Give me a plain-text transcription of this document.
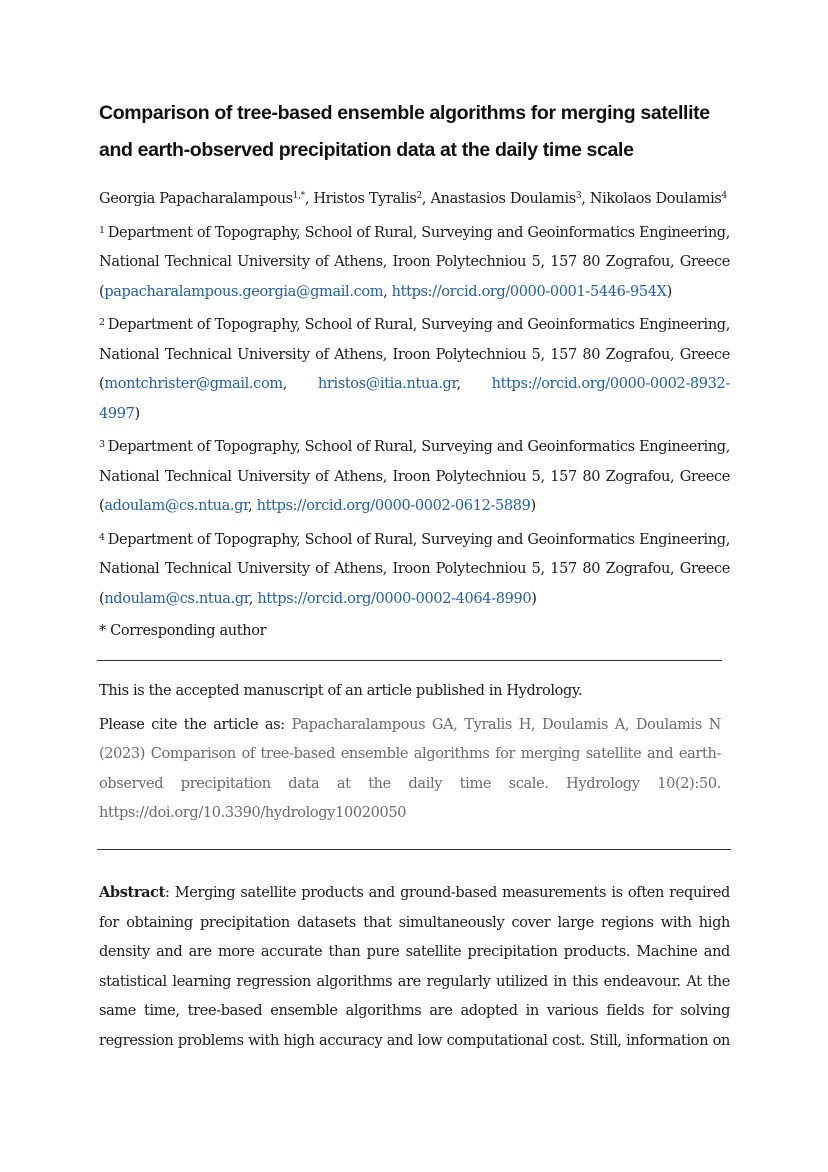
Comparison of tree-based ensemble algorithms for merging satellite
and earth-observed precipitation data at the daily time scale
Georgia Papacharalampous$^{1,*}$, Hristos Tyralis$^2$, Anastasios Doulamis$^3$, Nikolaos Doulamis$^4$
$^1$ Department of Topography, School of Rural, Surveying and Geoinformatics Engineering,
National Technical University of Athens, Iroon Polytechniou 5, 157 80 Zografou, Greece
(papacharalampous.georgia@gmail.com, https://orcid.org/0000-0001-5446-954X)
$^2$ Department of Topography, School of Rural, Surveying and Geoinformatics Engineering,
National Technical University of Athens, Iroon Polytechniou 5, 157 80 Zografou, Greece
(montchrister@gmail.com, hristos@itia.ntua.gr, https://orcid.org/0000-0002-8932-
4997)
$^3$ Department of Topography, School of Rural, Surveying and Geoinformatics Engineering,
National Technical University of Athens, Iroon Polytechniou 5, 157 80 Zografou, Greece
(adoulam@cs.ntua.gr, https://orcid.org/0000-0002-0612-5889)
$^4$ Department of Topography, School of Rural, Surveying and Geoinformatics Engineering,
National Technical University of Athens, Iroon Polytechniou 5, 157 80 Zografou, Greece
(ndoulam@cs.ntua.gr, https://orcid.org/0000-0002-4064-8990)
* Corresponding author
This is the accepted manuscript of an article published in Hydrology.
Please cite the article as: Papacharalampous GA, Tyralis H, Doulamis A, Doulamis N
(2023) Comparison of tree-based ensemble algorithms for merging satellite and earth-
observed precipitation data at the daily time scale. Hydrology 10(2):50.
https://doi.org/10.3390/hydrology10020050
Abstract: Merging satellite products and ground-based measurements is often required
for obtaining precipitation datasets that simultaneously cover large regions with high
density and are more accurate than pure satellite precipitation products. Machine and
statistical learning regression algorithms are regularly utilized in this endeavour. At the
same time, tree-based ensemble algorithms are adopted in various fields for solving
regression problems with high accuracy and low computational cost. Still, information on
